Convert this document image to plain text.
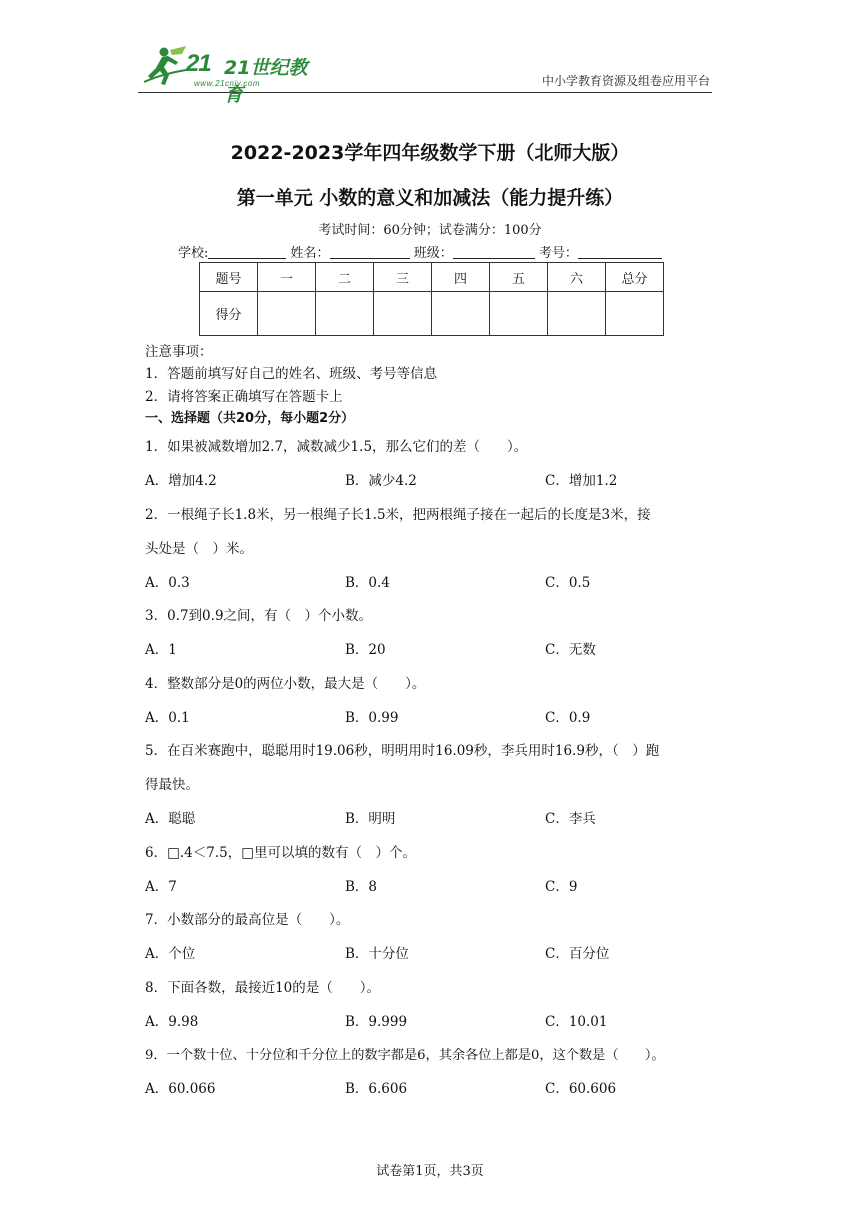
21 21世纪教育
www.21cnjy.com	中小学教育资源及组卷应用平台
2022-2023学年四年级数学下册（北师大版）
第一单元 小数的意义和加减法（能力提升练）
考试时间：60分钟；试卷满分：100分
学校:	姓名：	班级：	考号：
题号	一	二	三	四	五	六	总分
得分							
注意事项：
1．答题前填写好自己的姓名、班级、考号等信息
2．请将答案正确填写在答题卡上
一、选择题（共20分，每小题2分）
1．如果被减数增加2.7，减数减少1.5，那么它们的差（　　）。
A．增加4.2	B．减少4.2	C．增加1.2
2．一根绳子长1.8米，另一根绳子长1.5米，把两根绳子接在一起后的长度是3米，接
头处是（　）米。
A．0.3	B．0.4	C．0.5
3．0.7到0.9之间，有（　）个小数。
A．1	B．20	C．无数
4．整数部分是0的两位小数，最大是（　　）。
A．0.1	B．0.99	C．0.9
5．在百米赛跑中，聪聪用时19.06秒，明明用时16.09秒，李兵用时16.9秒，（　）跑
得最快。
A．聪聪	B．明明	C．李兵
6．□.4＜7.5，□里可以填的数有（　）个。
A．7	B．8	C．9
7．小数部分的最高位是（　　）。
A．个位	B．十分位	C．百分位
8．下面各数，最接近10的是（　　）。
A．9.98	B．9.999	C．10.01
9．一个数十位、十分位和千分位上的数字都是6，其余各位上都是0，这个数是（　　）。
A．60.066	B．6.606	C．60.606
试卷第1页，共3页
